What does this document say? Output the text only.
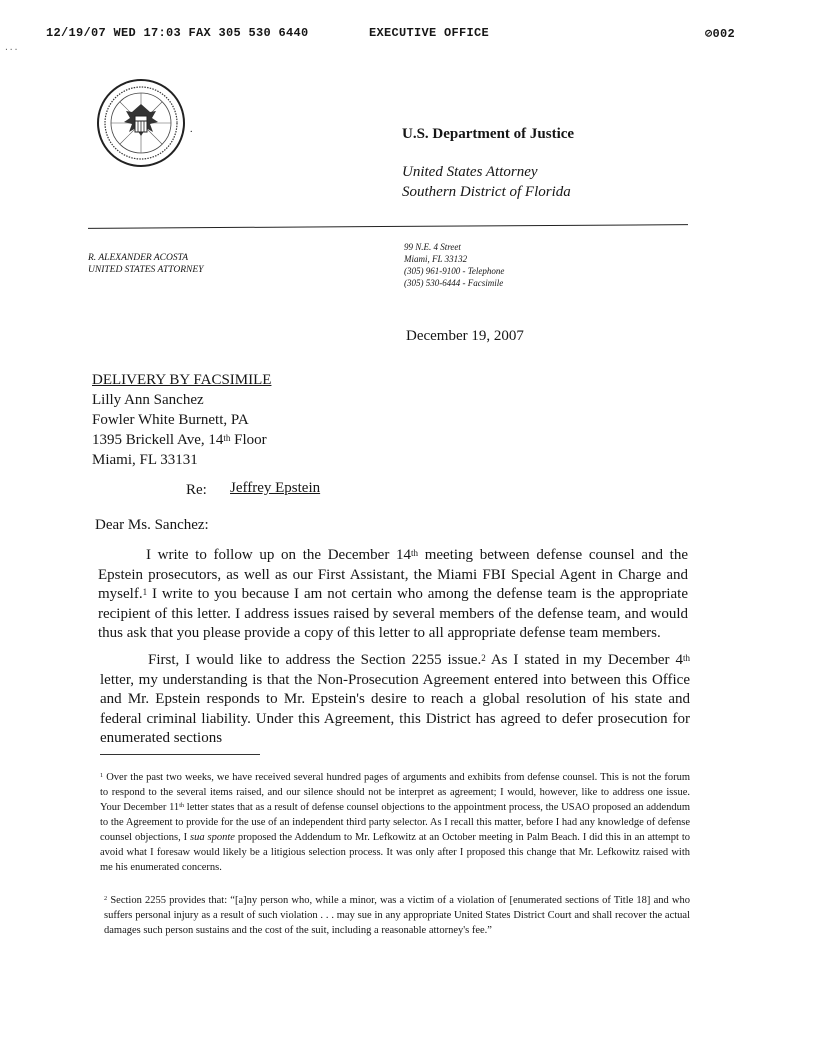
12/19/07 WED 17:03 FAX 305 530 6440	EXECUTIVE OFFICE	⊘002
...
.	U.S. Department of Justice
United States Attorney
Southern District of Florida
R. ALEXANDER ACOSTA
UNITED STATES ATTORNEY
99 N.E. 4 Street
Miami, FL 33132
(305) 961-9100 - Telephone
(305) 530-6444 - Facsimile
December 19, 2007
DELIVERY BY FACSIMILE
Lilly Ann Sanchez
Fowler White Burnett, PA
1395 Brickell Ave, 14th Floor
Miami, FL 33131
Re: Jeffrey Epstein
Dear Ms. Sanchez:

I write to follow up on the December 14th meeting between defense counsel and the Epstein prosecutors, as well as our First Assistant, the Miami FBI Special Agent in Charge and myself.$^1$ I write to you because I am not certain who among the defense team is the appropriate recipient of this letter. I address issues raised by several members of the defense team, and would thus ask that you please provide a copy of this letter to all appropriate defense team members.

First, I would like to address the Section 2255 issue.$^2$ As I stated in my December 4th letter, my understanding is that the Non-Prosecution Agreement entered into between this Office and Mr. Epstein responds to Mr. Epstein's desire to reach a global resolution of his state and federal criminal liability. Under this Agreement, this District has agreed to defer prosecution for enumerated sections

$^1$ Over the past two weeks, we have received several hundred pages of arguments and exhibits from defense counsel. This is not the forum to respond to the several items raised, and our silence should not be interpret as agreement; I would, however, like to address one issue. Your December 11th letter states that as a result of defense counsel objections to the appointment process, the USAO proposed an addendum to the Agreement to provide for the use of an independent third party selector. As I recall this matter, before I had any knowledge of defense counsel objections, I sua sponte proposed the Addendum to Mr. Lefkowitz at an October meeting in Palm Beach. I did this in an attempt to avoid what I foresaw would likely be a litigious selection process. It was only after I proposed this change that Mr. Lefkowitz raised with me his enumerated concerns.
$^2$ Section 2255 provides that: “[a]ny person who, while a minor, was a victim of a violation of [enumerated sections of Title 18] and who suffers personal injury as a result of such violation . . . may sue in any appropriate United States District Court and shall recover the actual damages such person sustains and the cost of the suit, including a reasonable attorney's fee.”
